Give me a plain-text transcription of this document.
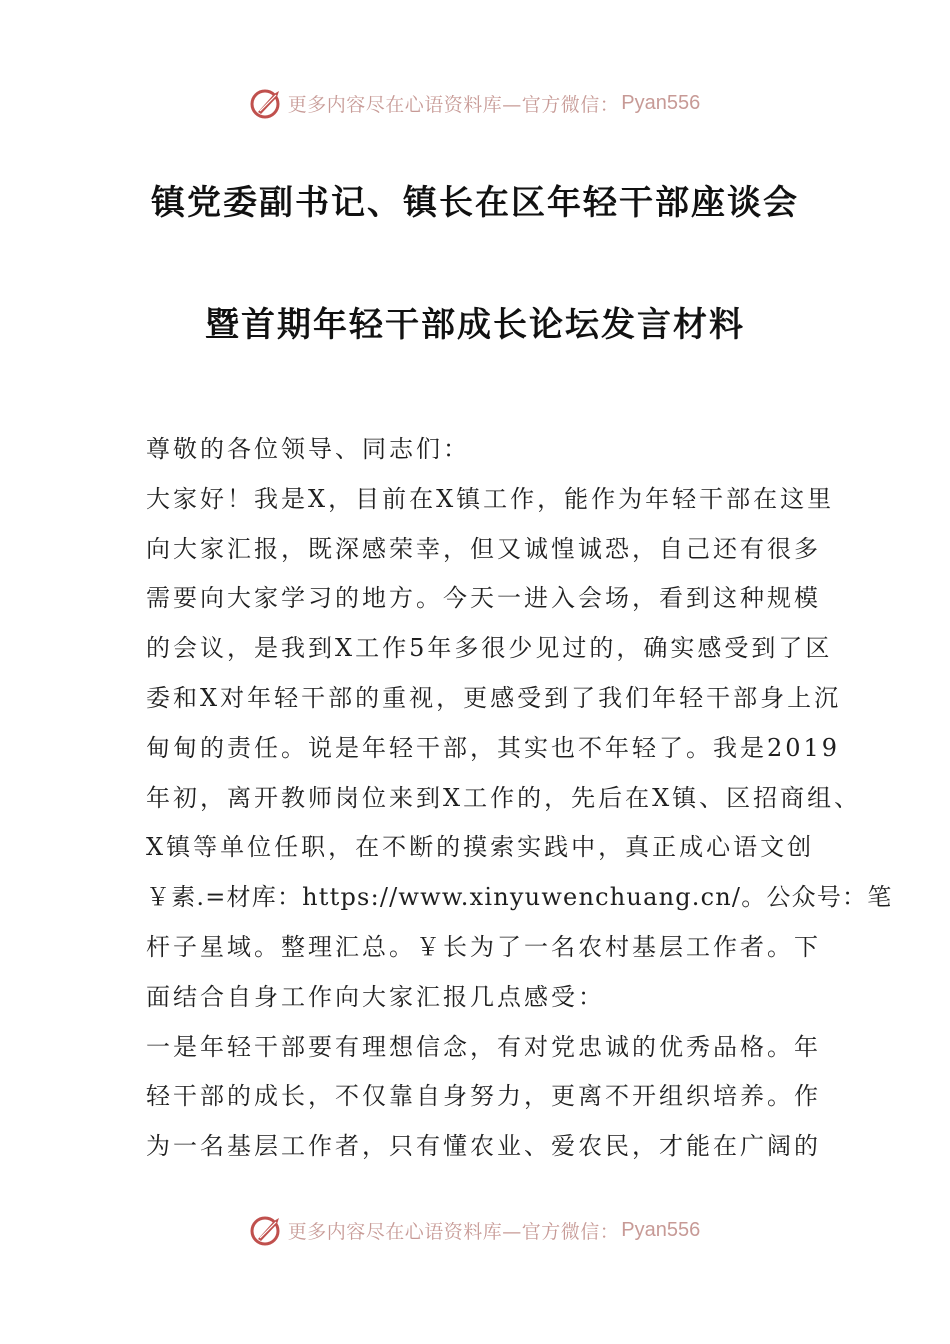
更多内容尽在心语资料库—官方微信： Pyan556
镇党委副书记、镇长在区年轻干部座谈会
暨首期年轻干部成长论坛发言材料
尊敬的各位领导、同志们：
大家好！我是X，目前在X镇工作，能作为年轻干部在这里
向大家汇报，既深感荣幸，但又诚惶诚恐，自己还有很多
需要向大家学习的地方。今天一进入会场，看到这种规模
的会议，是我到X工作5年多很少见过的，确实感受到了区
委和X对年轻干部的重视，更感受到了我们年轻干部身上沉
甸甸的责任。说是年轻干部，其实也不年轻了。我是2019
年初，离开教师岗位来到X工作的，先后在X镇、区招商组、
X镇等单位任职，在不断的摸索实践中，真正成心语文创
￥素.=材库：https://www.xinyuwenchuang.cn/。公众号：笔
杆子星域。整理汇总。￥长为了一名农村基层工作者。下
面结合自身工作向大家汇报几点感受：
一是年轻干部要有理想信念，有对党忠诚的优秀品格。年
轻干部的成长，不仅靠自身努力，更离不开组织培养。作
为一名基层工作者，只有懂农业、爱农民，才能在广阔的
更多内容尽在心语资料库—官方微信： Pyan556
